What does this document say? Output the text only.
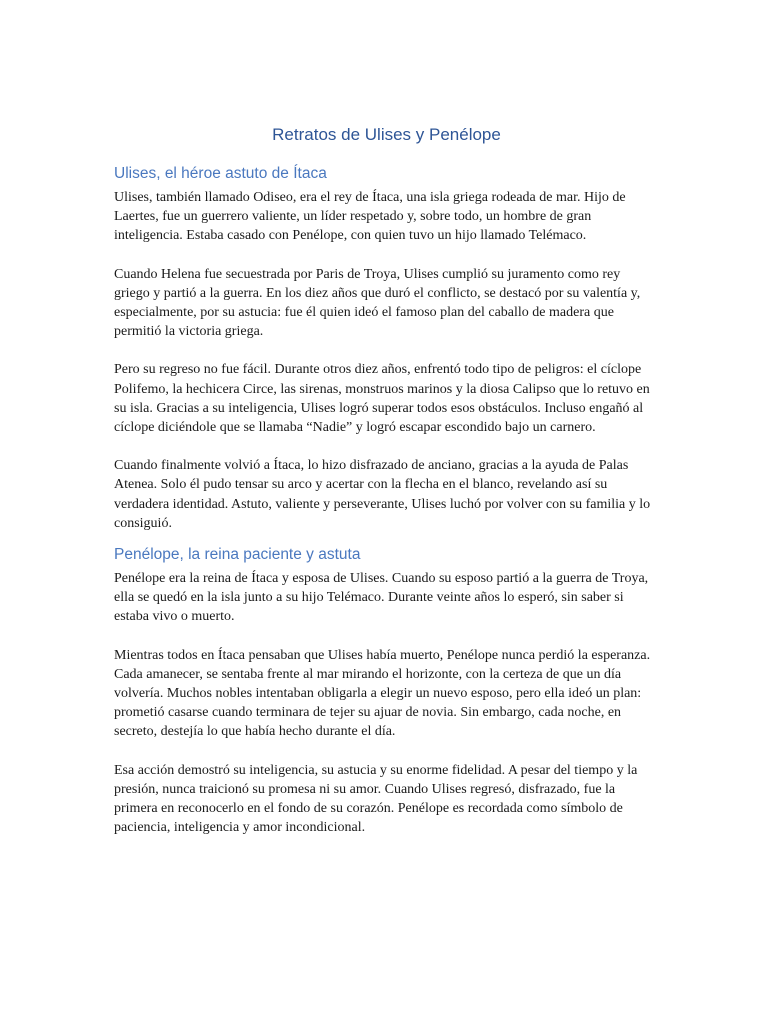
Retratos de Ulises y Penélope
Ulises, el héroe astuto de Ítaca

Ulises, también llamado Odiseo, era el rey de Ítaca, una isla griega rodeada de mar. Hijo de Laertes, fue un guerrero valiente, un líder respetado y, sobre todo, un hombre de gran inteligencia. Estaba casado con Penélope, con quien tuvo un hijo llamado Telémaco.

Cuando Helena fue secuestrada por Paris de Troya, Ulises cumplió su juramento como rey griego y partió a la guerra. En los diez años que duró el conflicto, se destacó por su valentía y, especialmente, por su astucia: fue él quien ideó el famoso plan del caballo de madera que permitió la victoria griega.

Pero su regreso no fue fácil. Durante otros diez años, enfrentó todo tipo de peligros: el cíclope Polifemo, la hechicera Circe, las sirenas, monstruos marinos y la diosa Calipso que lo retuvo en su isla. Gracias a su inteligencia, Ulises logró superar todos esos obstáculos. Incluso engañó al cíclope diciéndole que se llamaba “Nadie” y logró escapar escondido bajo un carnero.

Cuando finalmente volvió a Ítaca, lo hizo disfrazado de anciano, gracias a la ayuda de Palas Atenea. Solo él pudo tensar su arco y acertar con la flecha en el blanco, revelando así su verdadera identidad. Astuto, valiente y perseverante, Ulises luchó por volver con su familia y lo consiguió.

Penélope, la reina paciente y astuta

Penélope era la reina de Ítaca y esposa de Ulises. Cuando su esposo partió a la guerra de Troya, ella se quedó en la isla junto a su hijo Telémaco. Durante veinte años lo esperó, sin saber si estaba vivo o muerto.

Mientras todos en Ítaca pensaban que Ulises había muerto, Penélope nunca perdió la esperanza. Cada amanecer, se sentaba frente al mar mirando el horizonte, con la certeza de que un día volvería. Muchos nobles intentaban obligarla a elegir un nuevo esposo, pero ella ideó un plan: prometió casarse cuando terminara de tejer su ajuar de novia. Sin embargo, cada noche, en secreto, destejía lo que había hecho durante el día.

Esa acción demostró su inteligencia, su astucia y su enorme fidelidad. A pesar del tiempo y la presión, nunca traicionó su promesa ni su amor. Cuando Ulises regresó, disfrazado, fue la primera en reconocerlo en el fondo de su corazón. Penélope es recordada como símbolo de paciencia, inteligencia y amor incondicional.
